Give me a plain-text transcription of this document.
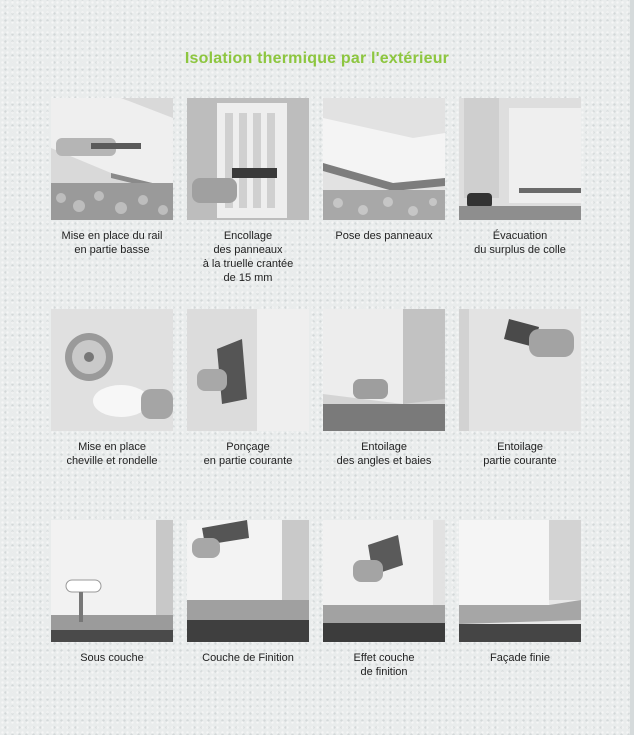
Isolation thermique par l'extérieur
Mise en place du rail
en partie basse
Encollage
des panneaux
à la truelle crantée
de 15 mm
Pose des panneaux	Évacuation
du surplus de colle
Mise en place
cheville et rondelle
Ponçage
en partie courante
Entoilage
des angles et baies
Entoilage
partie courante
Sous couche	Couche de Finition	Effet couche
de finition
Façade finie
